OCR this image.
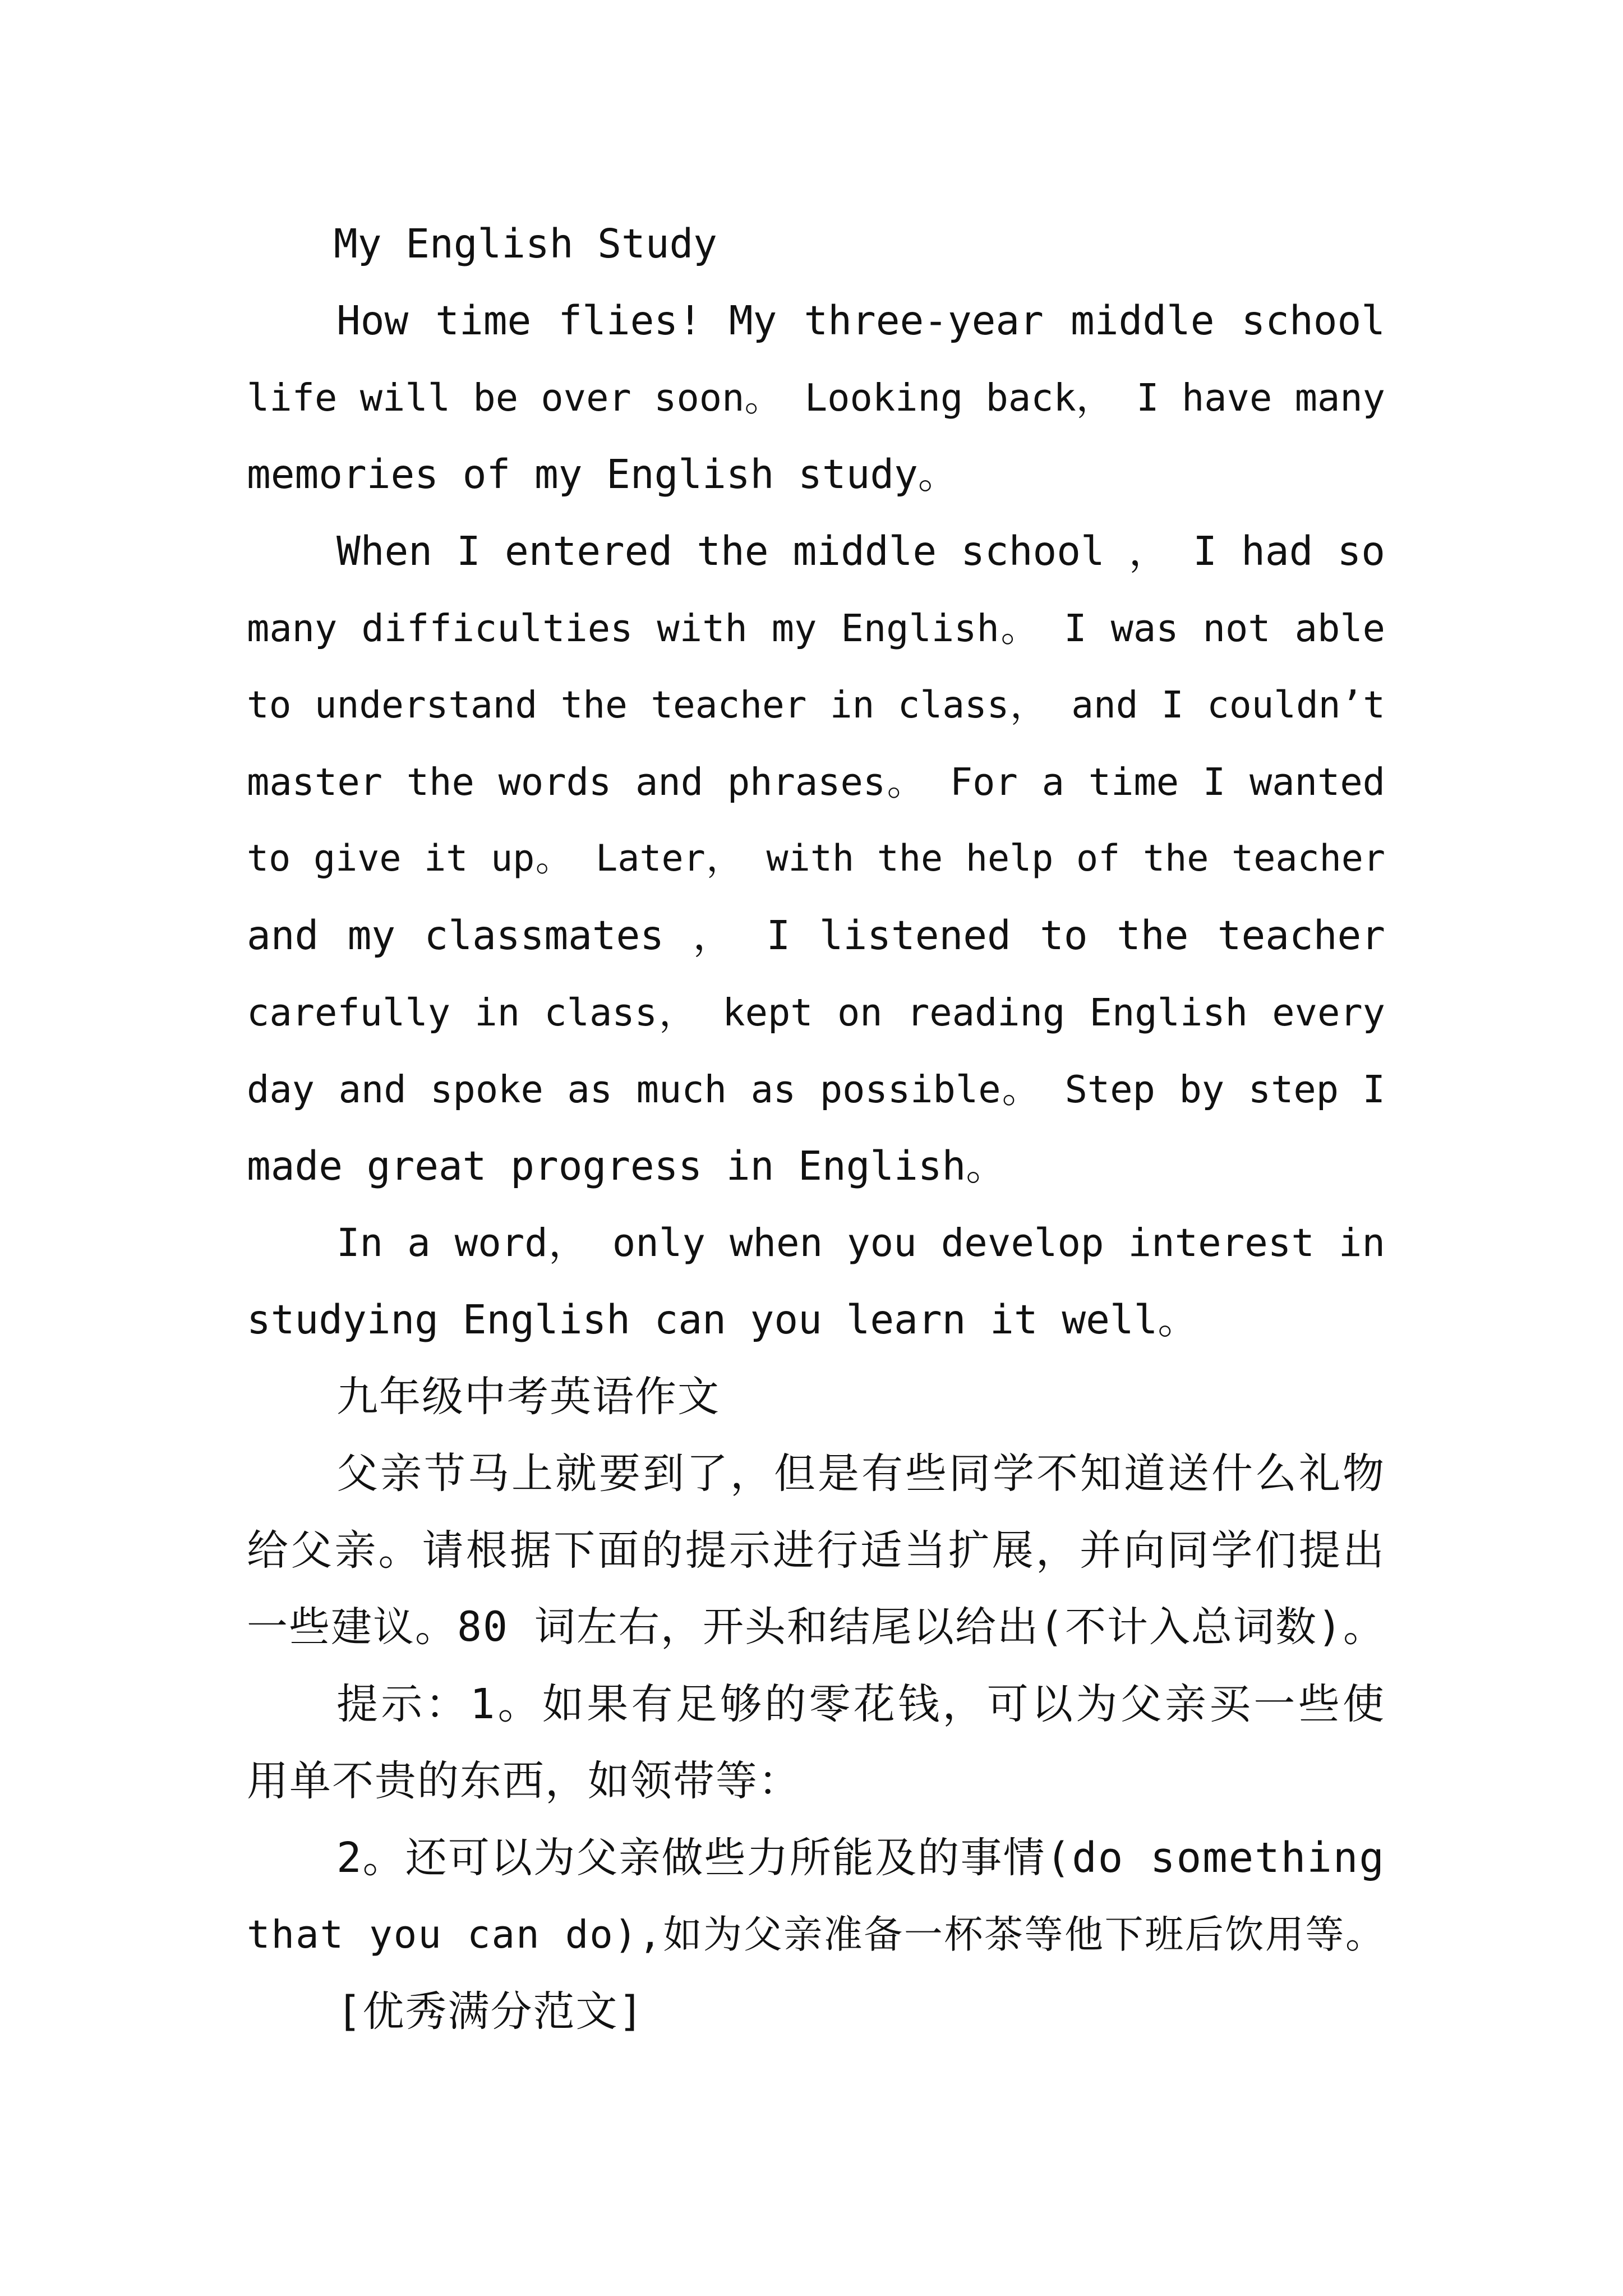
My English Study
How time flies! My three-year middle school
life will be over soon。 Looking back， I have many
memories of my English study。
When I entered the middle school ， I had so
many difficulties with my English。 I was not able
to understand the teacher in class， and I couldn’t
master the words and phrases。 For a time I wanted
to give it up。 Later， with the help of the teacher
and my classmates ， I listened to the teacher
carefully in class， kept on reading English every
day and spoke as much as possible。 Step by step I
made great progress in English。
In a word， only when you develop interest in
studying English can you learn it well。
九年级中考英语作文
父亲节马上就要到了，但是有些同学不知道送什么礼物
给父亲。请根据下面的提示进行适当扩展，并向同学们提出
一些建议。80 词左右，开头和结尾以给出(不计入总词数)。
提示：1。如果有足够的零花钱，可以为父亲买一些使
用单不贵的东西，如领带等：
2。还可以为父亲做些力所能及的事情(do something
that you can do),如为父亲准备一杯茶等他下班后饮用等。
[优秀满分范文]
